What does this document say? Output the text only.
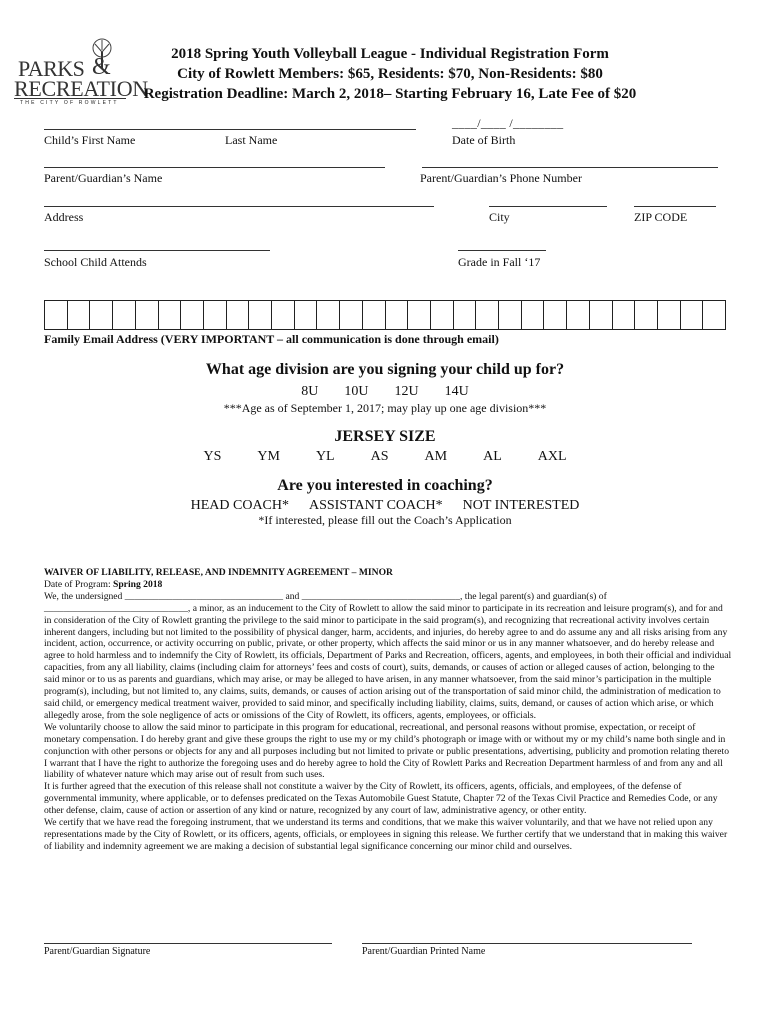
PARKS &
RECREATION
THE CITY OF ROWLETT
2018 Spring Youth Volleyball League - Individual Registration Form
City of Rowlett Members: $65, Residents: $70, Non-Residents: $80
Registration Deadline: March 2, 2018– Starting February 16, Late Fee of $20
____/____ /________
Child’s First Name	Last Name	Date of Birth
Parent/Guardian’s Name	Parent/Guardian’s Phone Number
Address	City	ZIP CODE
School Child Attends	Grade in Fall ‘17
Family Email Address (VERY IMPORTANT – all communication is done through email)
What age division are you signing your child up for?
8U 10U 12U 14U
***Age as of September 1, 2017; may play up one age division***
JERSEY SIZE
YS	YM	YL	AS	AM	AL	AXL
Are you interested in coaching?
HEAD COACH* ASSISTANT COACH* NOT INTERESTED
*If interested, please fill out the Coach’s Application

WAIVER OF LIABILITY, RELEASE, AND INDEMNITY AGREEMENT – MINOR

Date of Program: Spring 2018

We, the undersigned _________________________________ and _________________________________, the legal parent(s) and guardian(s) of ______________________________, a minor, as an inducement to the City of Rowlett to allow the said minor to participate in its recreation and leisure program(s), and for and in consideration of the City of Rowlett granting the privilege to the said minor to participate in the said program(s), and recognizing that recreational activity involves certain inherent dangers, including but not limited to the possibility of physical danger, harm, accidents, and injuries, do hereby agree to and do assume any and all risks arising from any incident, action, occurrence, or activity occurring on public, private, or other property, which affects the said minor or us in any manner whatsoever, and do hereby release and agree to hold harmless and to indemnify the City of Rowlett, its officials, Department of Parks and Recreation, officers, agents, and employees, in both their official and individual capacities, from any all liability, claims (including claim for attorneys’ fees and costs of court), suits, demands, or causes of action or alleged causes of action, belonging to the said minor or to us as parents and guardians, which may arise, or may be alleged to have arisen, in any manner whatsoever, from the said minor’s participation in the multiple program(s), including, but not limited to, any claims, suits, demands, or causes of action arising out of the transportation of said minor child, the administration of medication to said child, or emergency medical treatment waiver, provided to said minor, and specifically including liability, claims, suits, demand, or causes of action which arise, or which allegedly arose, from the sole negligence of acts or omissions of the City of Rowlett, its officers, agents, employees, or officials.

We voluntarily choose to allow the said minor to participate in this program for educational, recreational, and personal reasons without promise, expectation, or receipt of monetary compensation. I do hereby grant and give these groups the right to use my or my child’s photograph or image with or without my or my child’s name both single and in conjunction with other persons or objects for any and all purposes including but not limited to private or public presentations, advertising, publicity and promotion relating thereto I warrant that I have the right to authorize the foregoing uses and do hereby agree to hold the City of Rowlett Parks and Recreation Department harmless of and from any and all liability of whatever nature which may arise out of result from such uses.

It is further agreed that the execution of this release shall not constitute a waiver by the City of Rowlett, its officers, agents, officials, and employees, of the defense of governmental immunity, where applicable, or to defenses predicated on the Texas Automobile Guest Statute, Chapter 72 of the Texas Civil Practice and Remedies Code, or any other defense, claim, cause of action or assertion of any kind or nature, recognized by any court of law, administrative agency, or other entity.

We certify that we have read the foregoing instrument, that we understand its terms and conditions, that we make this waiver voluntarily, and that we have not relied upon any representations made by the City of Rowlett, or its officers, agents, officials, or employees in signing this release. We further certify that we understand that in making this waiver of liability and indemnity agreement we are making a decision of substantial legal significance concerning our minor child and ourselves.

Parent/Guardian Signature	Parent/Guardian Printed Name
